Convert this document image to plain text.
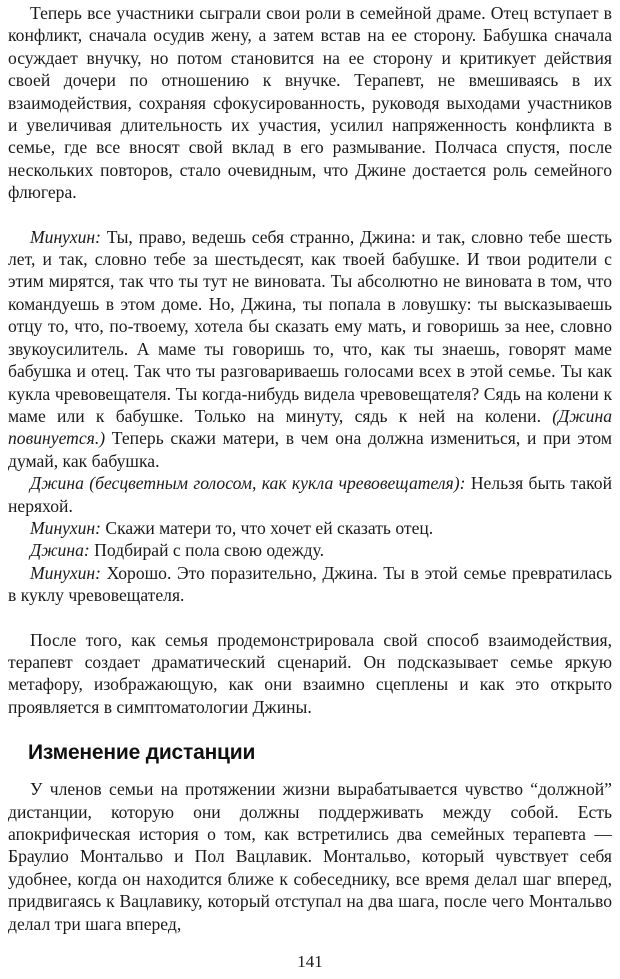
Теперь все участники сыграли свои роли в семейной драме. Отец вступает в конфликт, сначала осудив жену, а затем встав на ее сторону. Бабушка сначала осуждает внучку, но потом становится на ее сторону и критикует действия своей дочери по отношению к внучке. Терапевт, не вмешиваясь в их взаимодействия, сохраняя сфокусированность, руководя выходами участников и увеличивая длительность их участия, усилил напряженность конфликта в семье, где все вносят свой вклад в его размывание. Полчаса спустя, после нескольких повторов, стало очевидным, что Джине достается роль семейного флюгера.

Минухин: Ты, право, ведешь себя странно, Джина: и так, словно тебе шесть лет, и так, словно тебе за шестьдесят, как твоей бабушке. И твои родители с этим мирятся, так что ты тут не виновата. Ты абсолютно не виновата в том, что командуешь в этом доме. Но, Джина, ты попала в ловушку: ты высказываешь отцу то, что, по-твоему, хотела бы сказать ему мать, и говоришь за нее, словно звукоусилитель. А маме ты говоришь то, что, как ты знаешь, говорят маме бабушка и отец. Так что ты разговариваешь голосами всех в этой семье. Ты как кукла чревовещателя. Ты когда-нибудь видела чревовещателя? Сядь на колени к маме или к бабушке. Только на минуту, сядь к ней на колени. (Джина повинуется.) Теперь скажи матери, в чем она должна измениться, и при этом думай, как бабушка.

Джина (бесцветным голосом, как кукла чревовещателя): Нельзя быть такой неряхой.

Минухин: Скажи матери то, что хочет ей сказать отец.

Джина: Подбирай с пола свою одежду.

Минухин: Хорошо. Это поразительно, Джина. Ты в этой семье превратилась в куклу чревовещателя.

После того, как семья продемонстрировала свой способ взаимодействия, терапевт создает драматический сценарий. Он подсказывает семье яркую метафору, изображающую, как они взаимно сцеплены и как это открыто проявляется в симптоматологии Джины.

Изменение дистанции

У членов семьи на протяжении жизни вырабатывается чувство “должной” дистанции, которую они должны поддерживать между собой. Есть апокрифическая история о том, как встретились два семейных терапевта — Браулио Монтальво и Пол Вацлавик. Монтальво, который чувствует себя удобнее, когда он находится ближе к собеседнику, все время делал шаг вперед, придвигаясь к Вацлавику, который отступал на два шага, после чего Монтальво делал три шага вперед,

141
